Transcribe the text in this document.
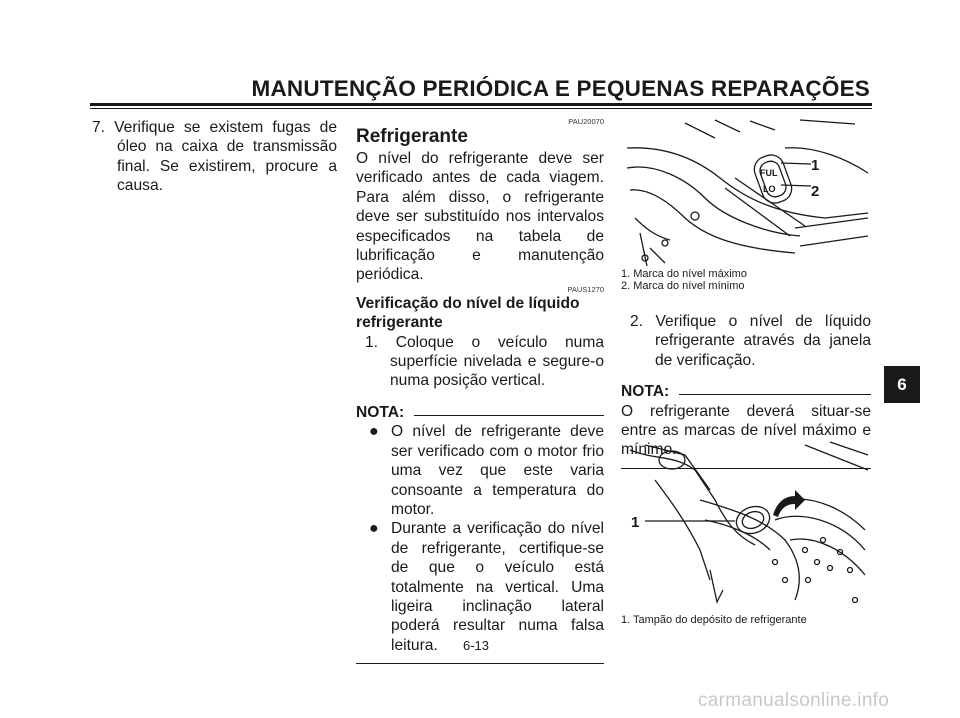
MANUTENÇÃO PERIÓDICA E PEQUENAS REPARAÇÕES

7. Verifique se existem fugas de óleo na caixa de transmissão final. Se existirem, procure a causa.

PAU20070

Refrigerante

O nível do refrigerante deve ser verificado antes de cada viagem. Para além disso, o refrigerante deve ser substituído nos intervalos especificados na tabela de lubrificação e manutenção periódica.

PAUS1270

Verificação do nível de líquido refrigerante

1. Coloque o veículo numa superfície nivelada e segure-o numa posição vertical.

NOTA:
● O nível de refrigerante deve ser verificado com o motor frio uma vez que este varia consoante a temperatura do motor.
● Durante a verificação do nível de refrigerante, certifique-se de que o veículo está totalmente na vertical. Uma ligeira inclinação lateral poderá resultar numa falsa leitura.
FUL
LO
1
2
1. Marca do nível máximo
2. Marca do nível mínimo

2. Verifique o nível de líquido refrigerante através da janela de verificação.

NOTA:

O refrigerante deverá situar-se entre as marcas de nível máximo e mínimo.

1
1. Tampão do depósito de refrigerante
6
6-13
carmanualsonline.info
